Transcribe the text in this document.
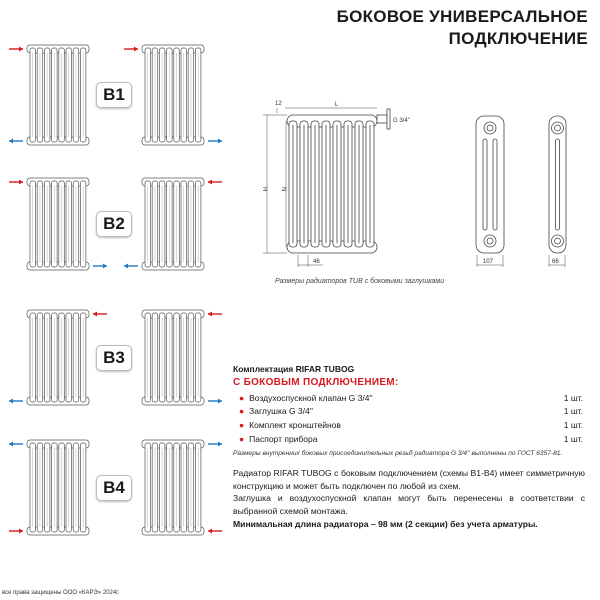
БОКОВОЕ УНИВЕРСАЛЬНОЕ
ПОДКЛЮЧЕНИЕ
B1
B2
B3
B4
12	L
G 3/4''
H N
46	107	66
Размеры радиаторов TUB с боковыми заглушками
Комплектация RIFAR TUBOG
С БОКОВЫМ ПОДКЛЮЧЕНИЕМ:
● Воздухоспускной клапан G 3/4''	1 шт.
● Заглушка G 3/4''	1 шт.
● Комплект кронштейнов	1 шт.
● Паспорт прибора	1 шт.
Размеры внутренних боковых присоединительных резьб радиатора G 3/4'' выполнены по ГОСТ 6357-81.

Радиатор RIFAR TUBOG с боковым подключением (схемы B1-B4) имеет симметричную конструкцию и может быть подключен по любой из схем.

Заглушка и воздухоспускной клапан могут быть перенесены в соответствии с выбранной схемой монтажа.

Минимальная длина радиатора – 98 мм (2 секции) без учета арматуры.

все права защищены ООО «КАРЭ» 2024г.
